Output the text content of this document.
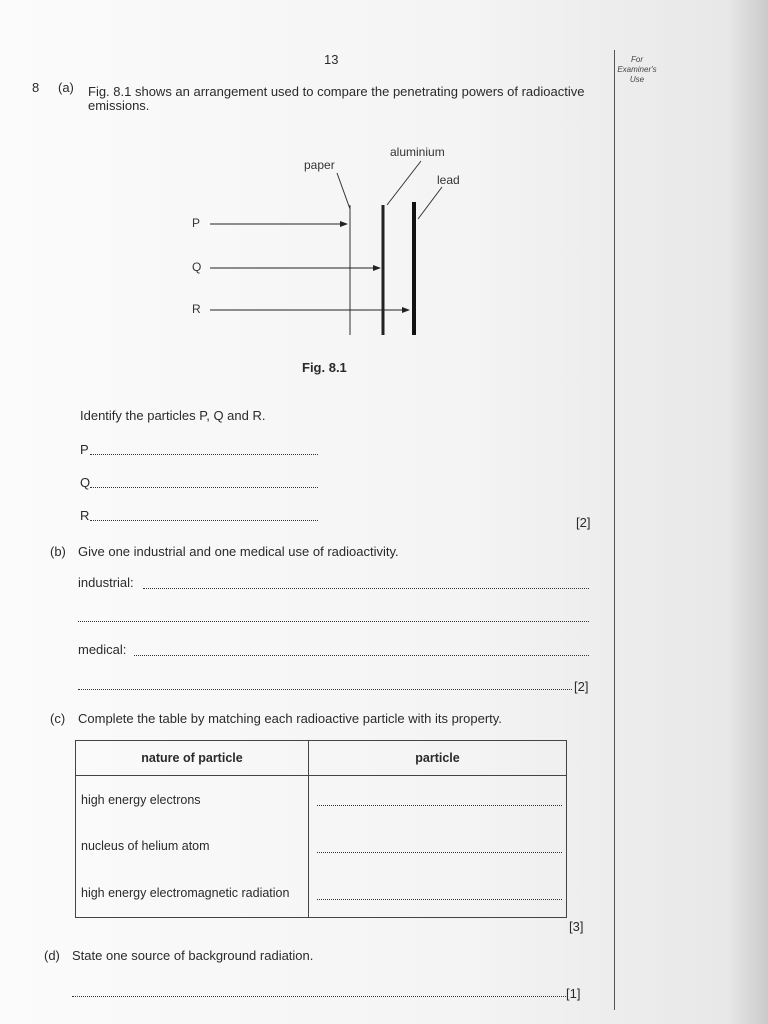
13	For
Examiner's
Use
8 (a) Fig. 8.1 shows an arrangement used to compare the penetrating powers of radioactive
emissions.
paper
aluminium
lead
P
Q
R
Fig. 8.1
Identify the particles P, Q and R.
P
Q
R	[2]
(b) Give one industrial and one medical use of radioactivity.
industrial:
medical:
[2]
(c) Complete the table by matching each radioactive particle with its property.
nature of particle	particle

high energy electrons	

nucleus of helium atom	

high energy electromagnetic radiation	

[3]
(d) State one source of background radiation.
[1]
